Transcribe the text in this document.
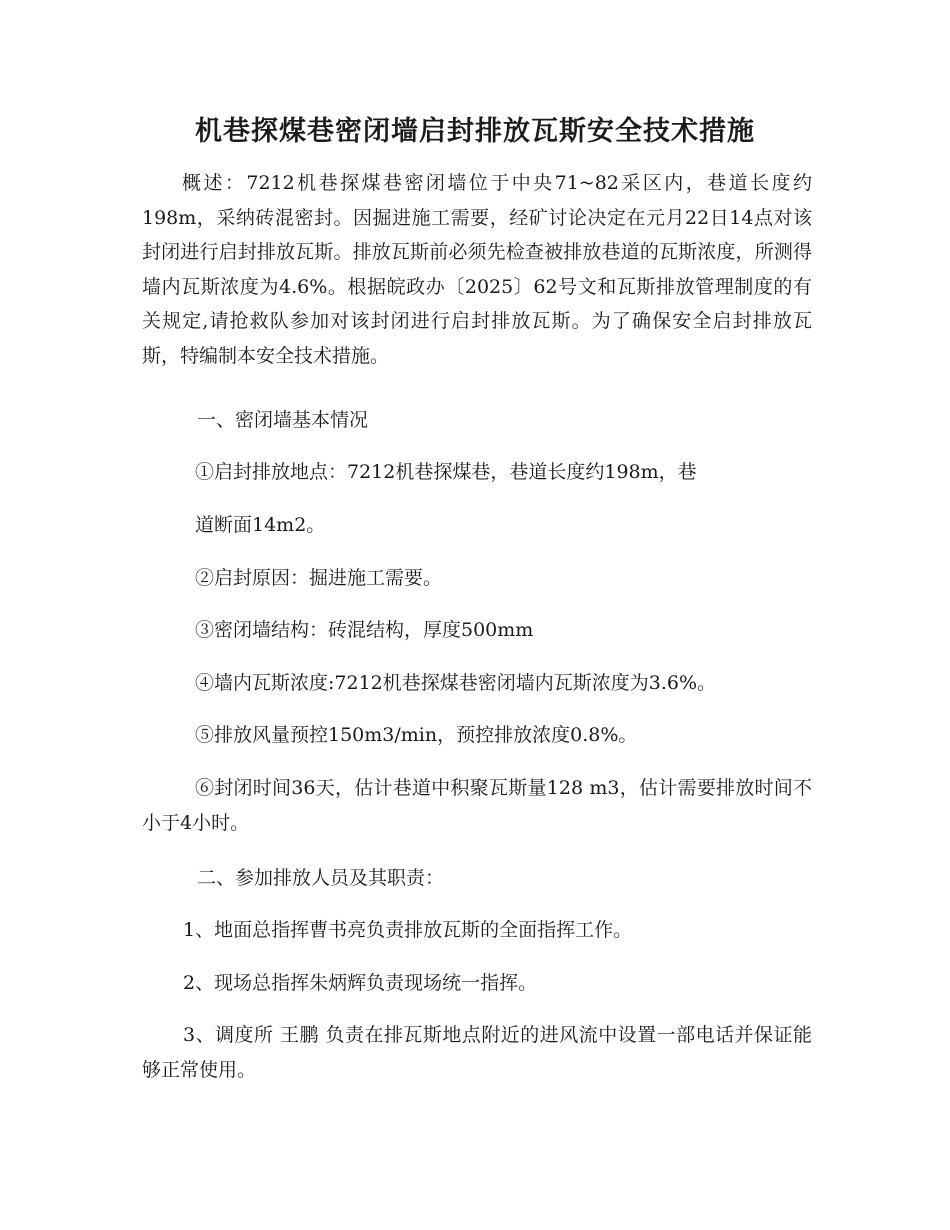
机巷探煤巷密闭墙启封排放瓦斯安全技术措施

概述：7212机巷探煤巷密闭墙位于中央71~82采区内，巷道长度约198m，采纳砖混密封。因掘进施工需要，经矿讨论决定在元月22日14点对该封闭进行启封排放瓦斯。排放瓦斯前必须先检查被排放巷道的瓦斯浓度，所测得墙内瓦斯浓度为4.6%。根据皖政办〔2025〕62号文和瓦斯排放管理制度的有关规定,请抢救队参加对该封闭进行启封排放瓦斯。为了确保安全启封排放瓦斯，特编制本安全技术措施。

一、密闭墙基本情况

①启封排放地点：7212机巷探煤巷，巷道长度约198m，巷

道断面14m2。

②启封原因：掘进施工需要。

③密闭墙结构：砖混结构，厚度500mm

④墙内瓦斯浓度:7212机巷探煤巷密闭墙内瓦斯浓度为3.6%。

⑤排放风量预控150m3/min，预控排放浓度0.8%。

⑥封闭时间36天，估计巷道中积聚瓦斯量128 m3，估计需要排放时间不小于4小时。

二、参加排放人员及其职责：

1、地面总指挥曹书亮负责排放瓦斯的全面指挥工作。

2、现场总指挥朱炳辉负责现场统一指挥。

3、调度所 王鹏 负责在排瓦斯地点附近的进风流中设置一部电话并保证能够正常使用。
